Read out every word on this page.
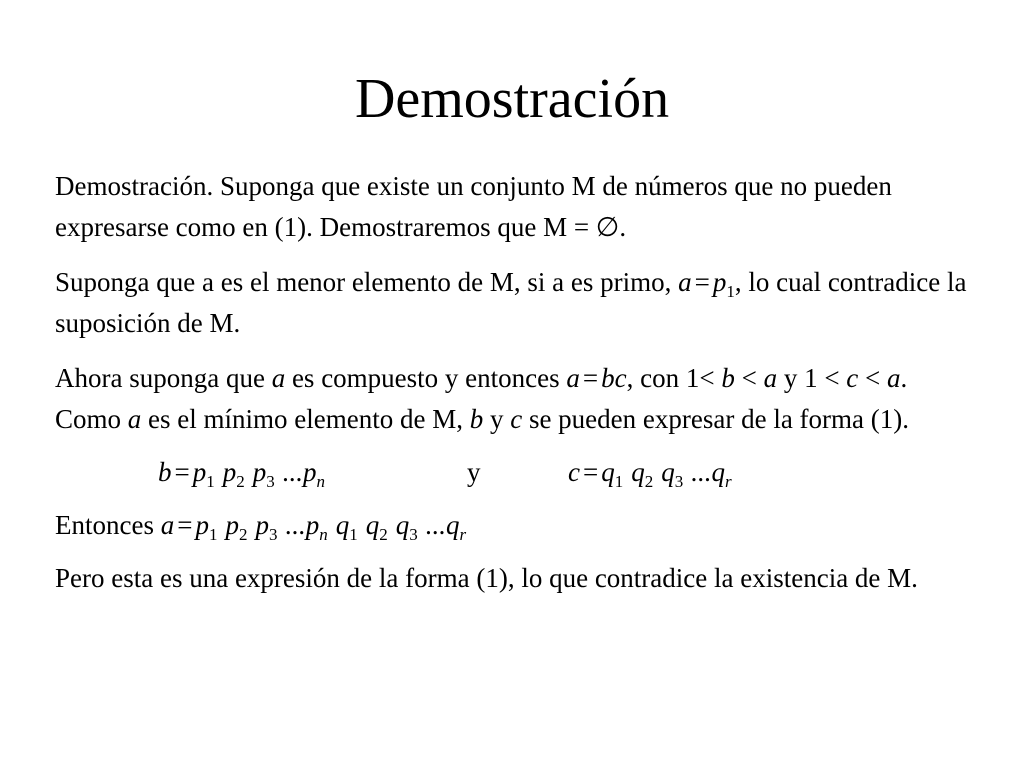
Demostración

Demostración. Suponga que existe un conjunto M de números que no pueden expresarse como en (1). Demostraremos que M = ∅.

Suponga que a es el menor elemento de M, si a es primo, $a = p_1$, lo cual contradice la suposición de M.

Ahora suponga que a es compuesto y entonces a = bc, con 1< b < a y 1 < c < a. Como a es el mínimo elemento de M, b y c se pueden expresar de la forma (1).

$b = p_1$ $p_2$ $p_3$ $...p_n$	y	$c = q_1$ $q_2$ $q_3$ $...q_r$

Entonces $a = p_1$ $p_2$ $p_3$ $...p_n$ $q_1$ $q_2$ $q_3$ $...q_r$

Pero esta es una expresión de la forma (1), lo que contradice la existencia de M.
